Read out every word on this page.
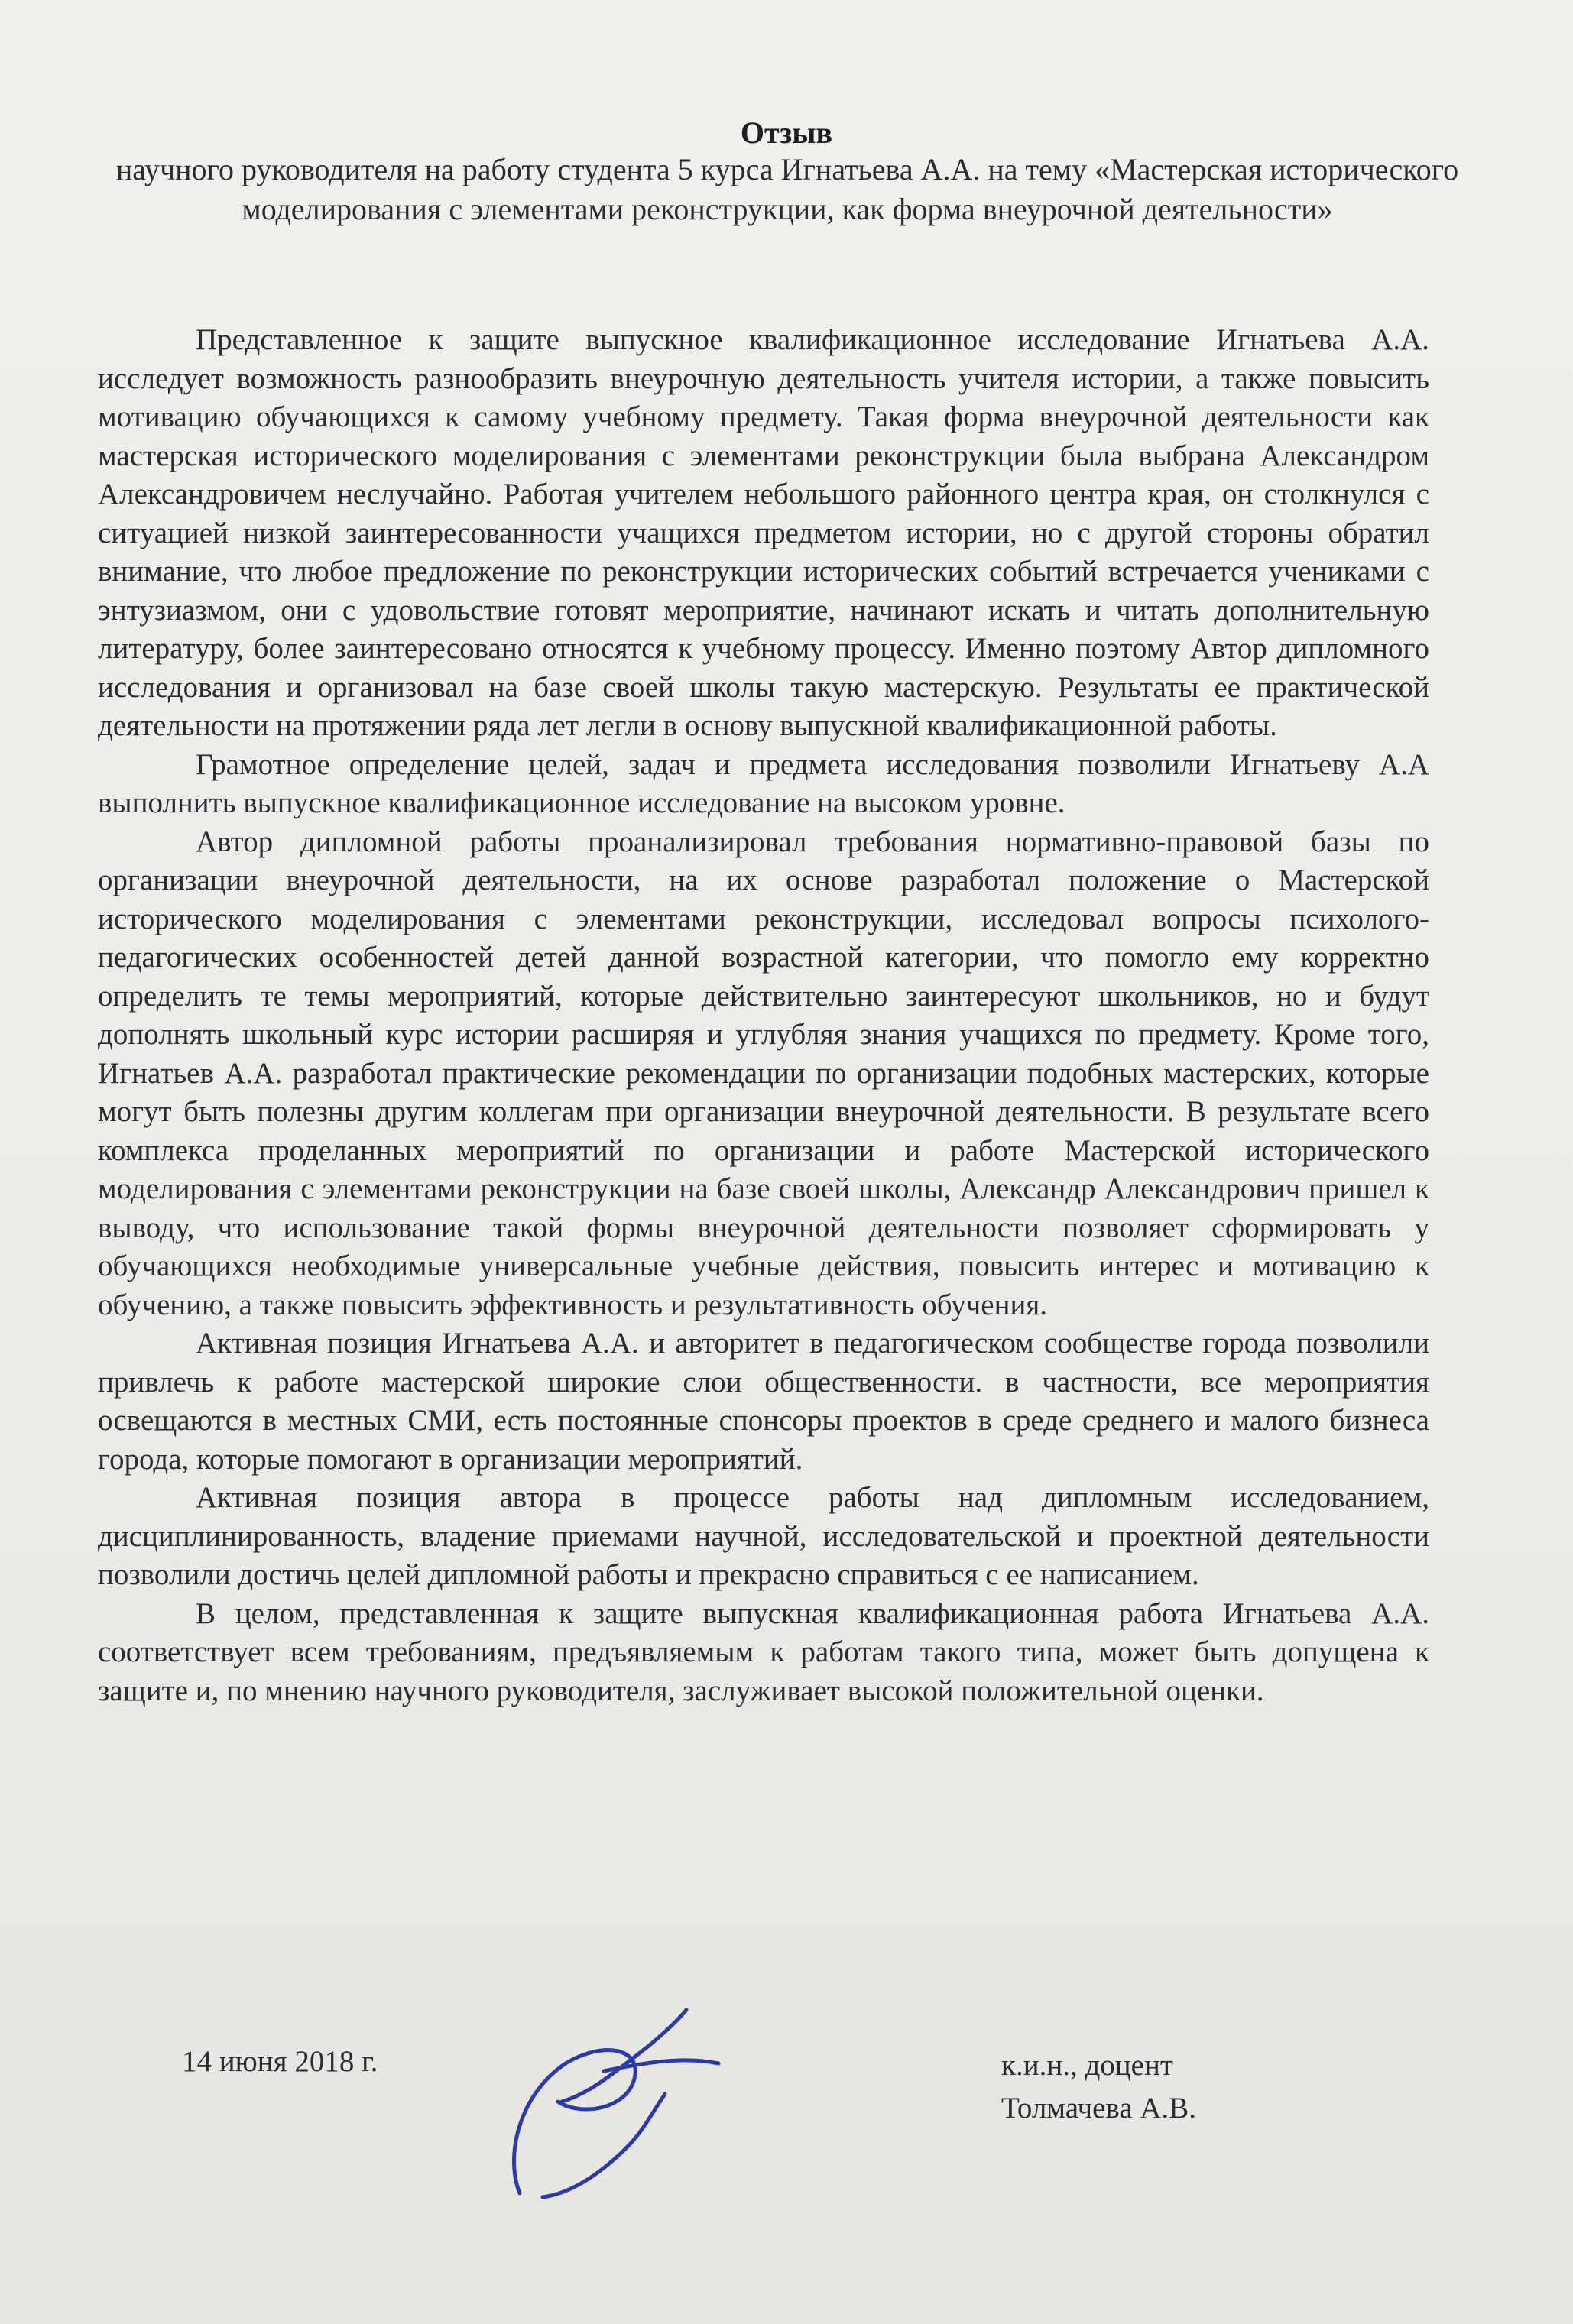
Отзыв
научного руководителя на работу студента 5 курса Игнатьева А.А. на тему «Мастерская исторического моделирования с элементами реконструкции, как форма внеурочной деятельности»

Представленное к защите выпускное квалификационное исследование Игнатьева А.А. исследует возможность разнообразить внеурочную деятельность учителя истории, а также повысить мотивацию обучающихся к самому учебному предмету. Такая форма внеурочной деятельности как мастерская исторического моделирования с элементами реконструкции была выбрана Александром Александровичем неслучайно. Работая учителем небольшого районного центра края, он столкнулся с ситуацией низкой заинтересованности учащихся предметом истории, но с другой стороны обратил внимание, что любое предложение по реконструкции исторических событий встречается учениками с энтузиазмом, они с удовольствие готовят мероприятие, начинают искать и читать дополнительную литературу, более заинтересовано относятся к учебному процессу. Именно поэтому Автор дипломного исследования и организовал на базе своей школы такую мастерскую. Результаты ее практической деятельности на протяжении ряда лет легли в основу выпускной квалификационной работы.

Грамотное определение целей, задач и предмета исследования позволили Игнатьеву А.А выполнить выпускное квалификационное исследование на высоком уровне.

Автор дипломной работы проанализировал требования нормативно-правовой базы по организации внеурочной деятельности, на их основе разработал положение о Мастерской исторического моделирования с элементами реконструкции, исследовал вопросы психолого-педагогических особенностей детей данной возрастной категории, что помогло ему корректно определить те темы мероприятий, которые действительно заинтересуют школьников, но и будут дополнять школьный курс истории расширяя и углубляя знания учащихся по предмету. Кроме того, Игнатьев А.А. разработал практические рекомендации по организации подобных мастерских, которые могут быть полезны другим коллегам при организации внеурочной деятельности. В результате всего комплекса проделанных мероприятий по организации и работе Мастерской исторического моделирования с элементами реконструкции на базе своей школы, Александр Александрович пришел к выводу, что использование такой формы внеурочной деятельности позволяет сформировать у обучающихся необходимые универсальные учебные действия, повысить интерес и мотивацию к обучению, а также повысить эффективность и результативность обучения.

Активная позиция Игнатьева А.А. и авторитет в педагогическом сообществе города позволили привлечь к работе мастерской широкие слои общественности. в частности, все мероприятия освещаются в местных СМИ, есть постоянные спонсоры проектов в среде среднего и малого бизнеса города, которые помогают в организации мероприятий.

Активная позиция автора в процессе работы над дипломным исследованием, дисциплинированность, владение приемами научной, исследовательской и проектной деятельности позволили достичь целей дипломной работы и прекрасно справиться с ее написанием.

В целом, представленная к защите выпускная квалификационная работа Игнатьева А.А. соответствует всем требованиям, предъявляемым к работам такого типа, может быть допущена к защите и, по мнению научного руководителя, заслуживает высокой положительной оценки.

14 июня 2018 г.	к.и.н., доцент
Толмачева А.В.
